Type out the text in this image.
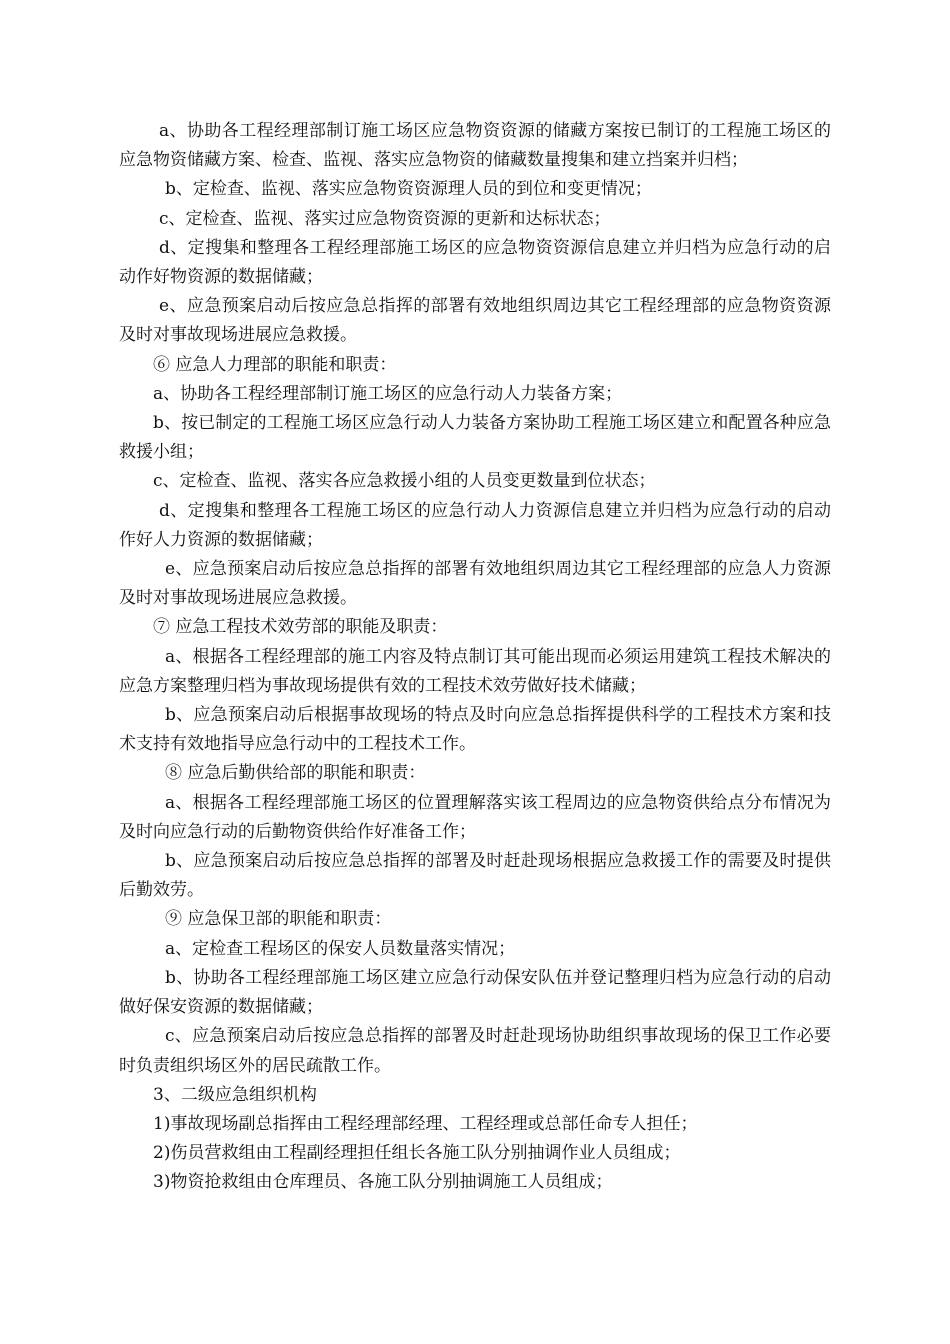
a、协助各工程经理部制订施工场区应急物资资源的储藏方案按已制订的工程施工场区的应急物资储藏方案、检查、监视、落实应急物资的储藏数量搜集和建立挡案并归档；

b、定检查、监视、落实应急物资资源理人员的到位和变更情况；

c、定检查、监视、落实过应急物资资源的更新和达标状态；

d、定搜集和整理各工程经理部施工场区的应急物资资源信息建立并归档为应急行动的启动作好物资源的数据储藏；

e、应急预案启动后按应急总指挥的部署有效地组织周边其它工程经理部的应急物资资源及时对事故现场进展应急救援。

⑥ 应急人力理部的职能和职责：

a、协助各工程经理部制订施工场区的应急行动人力装备方案；

b、按已制定的工程施工场区应急行动人力装备方案协助工程施工场区建立和配置各种应急救援小组；

c、定检查、监视、落实各应急救援小组的人员变更数量到位状态；

d、定搜集和整理各工程施工场区的应急行动人力资源信息建立并归档为应急行动的启动作好人力资源的数据储藏；

e、应急预案启动后按应急总指挥的部署有效地组织周边其它工程经理部的应急人力资源及时对事故现场进展应急救援。

⑦ 应急工程技术效劳部的职能及职责：

a、根据各工程经理部的施工内容及特点制订其可能出现而必须运用建筑工程技术解决的应急方案整理归档为事故现场提供有效的工程技术效劳做好技术储藏；

b、应急预案启动后根据事故现场的特点及时向应急总指挥提供科学的工程技术方案和技术支持有效地指导应急行动中的工程技术工作。

⑧ 应急后勤供给部的职能和职责：

a、根据各工程经理部施工场区的位置理解落实该工程周边的应急物资供给点分布情况为及时向应急行动的后勤物资供给作好准备工作；

b、应急预案启动后按应急总指挥的部署及时赶赴现场根据应急救援工作的需要及时提供后勤效劳。

⑨ 应急保卫部的职能和职责：

a、定检查工程场区的保安人员数量落实情况；

b、协助各工程经理部施工场区建立应急行动保安队伍并登记整理归档为应急行动的启动做好保安资源的数据储藏；

c、应急预案启动后按应急总指挥的部署及时赶赴现场协助组织事故现场的保卫工作必要时负责组织场区外的居民疏散工作。

3、二级应急组织机构

1)事故现场副总指挥由工程经理部经理、工程经理或总部任命专人担任；

2)伤员营救组由工程副经理担任组长各施工队分别抽调作业人员组成；

3)物资抢救组由仓库理员、各施工队分别抽调施工人员组成；
